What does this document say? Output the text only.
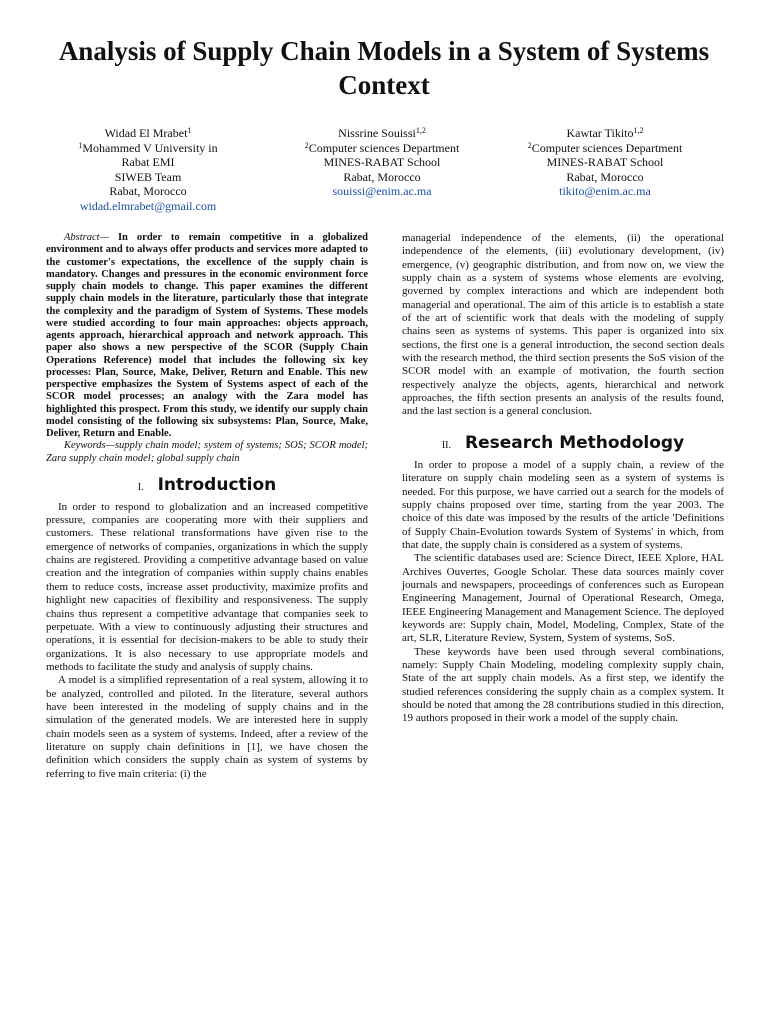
Analysis of Supply Chain Models in a System of Systems Context
Widad El Mrabet$^1$
$^1$Mohammed V University in
Rabat EMI
SIWEB Team
Rabat, Morocco
widad.elmrabet@gmail.com
Nissrine Souissi$^{1,2}$
$^2$Computer sciences Department
MINES-RABAT School
Rabat, Morocco
souissi@enim.ac.ma
Kawtar Tikito$^{1,2}$
$^2$Computer sciences Department
MINES-RABAT School
Rabat, Morocco
tikito@enim.ac.ma

Abstract— In order to remain competitive in a globalized environment and to always offer products and services more adapted to the customer's expectations, the excellence of the supply chain is mandatory. Changes and pressures in the economic environment force supply chain models to change. This paper examines the different supply chain models in the literature, particularly those that integrate the complexity and the paradigm of System of Systems. These models were studied according to four main approaches: objects approach, agents approach, hierarchical approach and network approach. This paper also shows a new perspective of the SCOR (Supply Chain Operations Reference) model that includes the following six key processes: Plan, Source, Make, Deliver, Return and Enable. This new perspective emphasizes the System of Systems aspect of each of the SCOR model processes; an analogy with the Zara model has highlighted this prospect. From this study, we identify our supply chain model consisting of the following six subsystems: Plan, Source, Make, Deliver, Return and Enable.

Keywords—supply chain model; system of systems; SOS; SCOR model; Zara supply chain model; global supply chain

I. Introduction

In order to respond to globalization and an increased competitive pressure, companies are cooperating more with their suppliers and customers. These relational transformations have given rise to the emergence of networks of companies, organizations in which the supply chains are registered. Providing a competitive advantage based on value creation and the integration of companies within supply chains enables them to reduce costs, increase asset productivity, maximize profits and highlight new capacities of flexibility and responsiveness. The supply chains thus represent a competitive advantage that companies seek to perpetuate. With a view to continuously adjusting their structures and operations, it is essential for decision-makers to be able to study their organizations. It is also necessary to use appropriate models and methods to facilitate the study and analysis of supply chains.

A model is a simplified representation of a real system, allowing it to be analyzed, controlled and piloted. In the literature, several authors have been interested in the modeling of supply chains and in the simulation of the generated models. We are interested here in supply chain models seen as a system of systems. Indeed, after a review of the literature on supply chain definitions in [1], we have chosen the definition which considers the supply chain as system of systems by referring to five main criteria: (i) the

managerial independence of the elements, (ii) the operational independence of the elements, (iii) evolutionary development, (iv) emergence, (v) geographic distribution, and from now on, we view the supply chain as a system of systems whose elements are evolving, governed by complex interactions and which are independent both managerial and operational. The aim of this article is to establish a state of the art of scientific work that deals with the modeling of supply chains seen as systems of systems. This paper is organized into six sections, the first one is a general introduction, the second section deals with the research method, the third section presents the SoS vision of the SCOR model with an example of motivation, the fourth section respectively analyze the objects, agents, hierarchical and network approaches, the fifth section presents an analysis of the results found, and the last section is a general conclusion.

II. Research Methodology

In order to propose a model of a supply chain, a review of the literature on supply chain modeling seen as a system of systems is needed. For this purpose, we have carried out a search for the models of supply chains proposed over time, starting from the year 2003. The choice of this date was imposed by the results of the article 'Definitions of Supply Chain-Evolution towards System of Systems' in which, from that date, the supply chain is considered as a system of systems.

The scientific databases used are: Science Direct, IEEE Xplore, HAL Archives Ouvertes, Google Scholar. These data sources mainly cover journals and newspapers, proceedings of conferences such as European Engineering Management, Journal of Operational Research, Omega, IEEE Engineering Management and Management Science. The deployed keywords are: Supply chain, Model, Modeling, Complex, State of the art, SLR, Literature Review, System, System of systems, SoS.

These keywords have been used through several combinations, namely: Supply Chain Modeling, modeling complexity supply chain, State of the art supply chain models. As a first step, we identify the studied references considering the supply chain as a complex system. It should be noted that among the 28 contributions studied in this direction, 19 authors proposed in their work a model of the supply chain.
